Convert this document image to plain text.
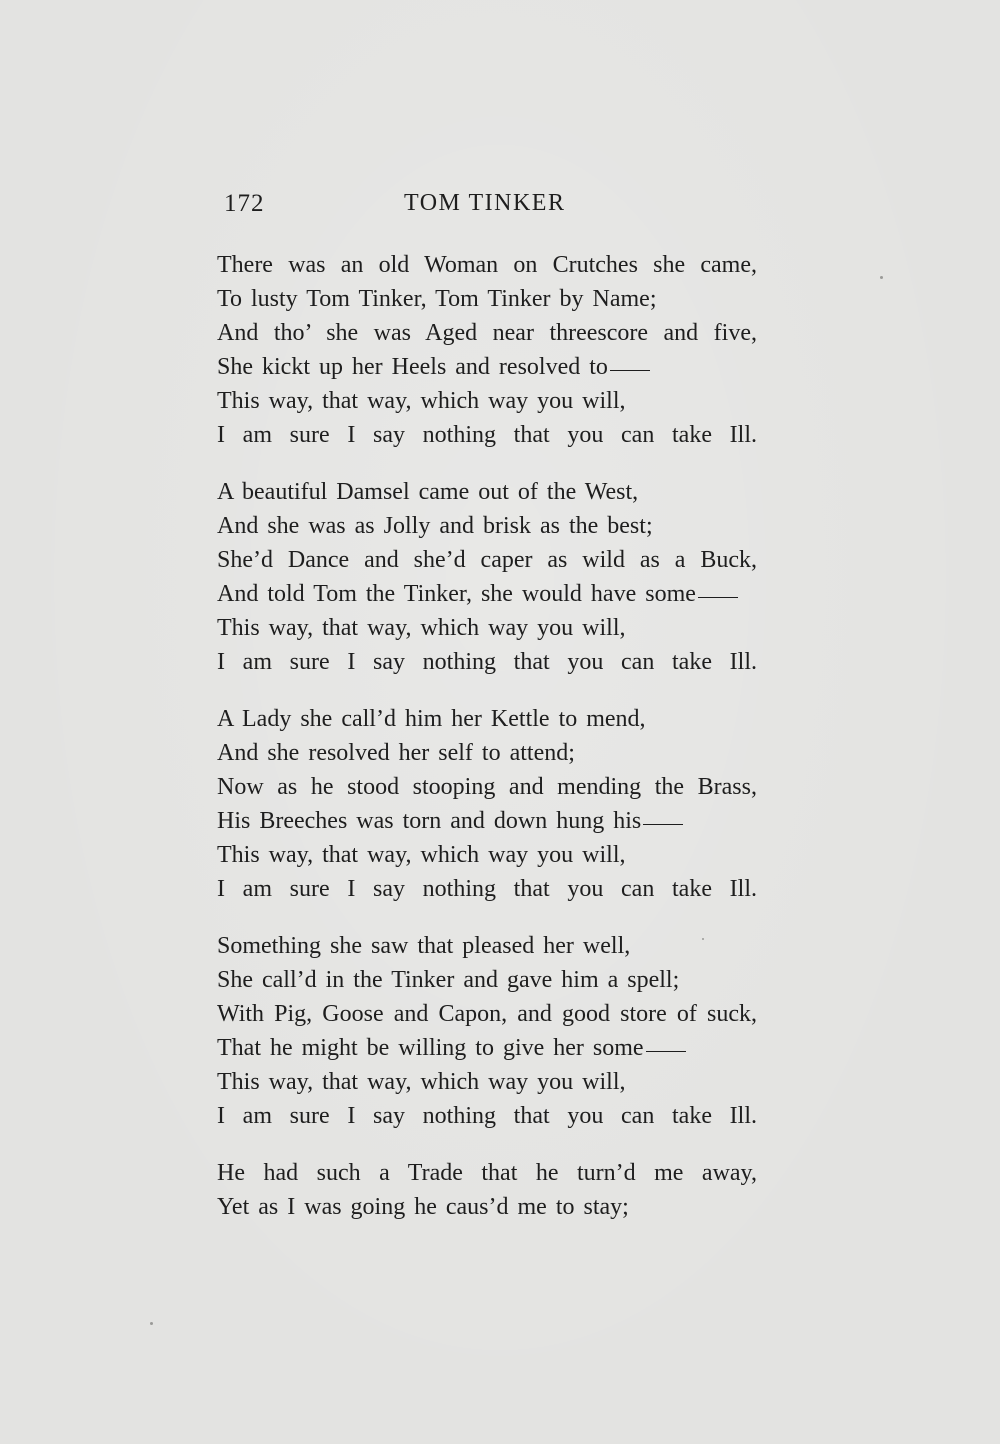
172	TOM TINKER
There was an old Woman on Crutches she came,
To lusty Tom Tinker, Tom Tinker by Name;
And tho’ she was Aged near threescore and five,
She kickt up her Heels and resolved to
This way, that way, which way you will,
I am sure I say nothing that you can take Ill.
A beautiful Damsel came out of the West,
And she was as Jolly and brisk as the best;
She’d Dance and she’d caper as wild as a Buck,
And told Tom the Tinker, she would have some
This way, that way, which way you will,
I am sure I say nothing that you can take Ill.
A Lady she call’d him her Kettle to mend,
And she resolved her self to attend;
Now as he stood stooping and mending the Brass,
His Breeches was torn and down hung his
This way, that way, which way you will,
I am sure I say nothing that you can take Ill.
Something she saw that pleased her well,
She call’d in the Tinker and gave him a spell;
With Pig, Goose and Capon, and good store of suck,
That he might be willing to give her some
This way, that way, which way you will,
I am sure I say nothing that you can take Ill.
He had such a Trade that he turn’d me away,
Yet as I was going he caus’d me to stay;
